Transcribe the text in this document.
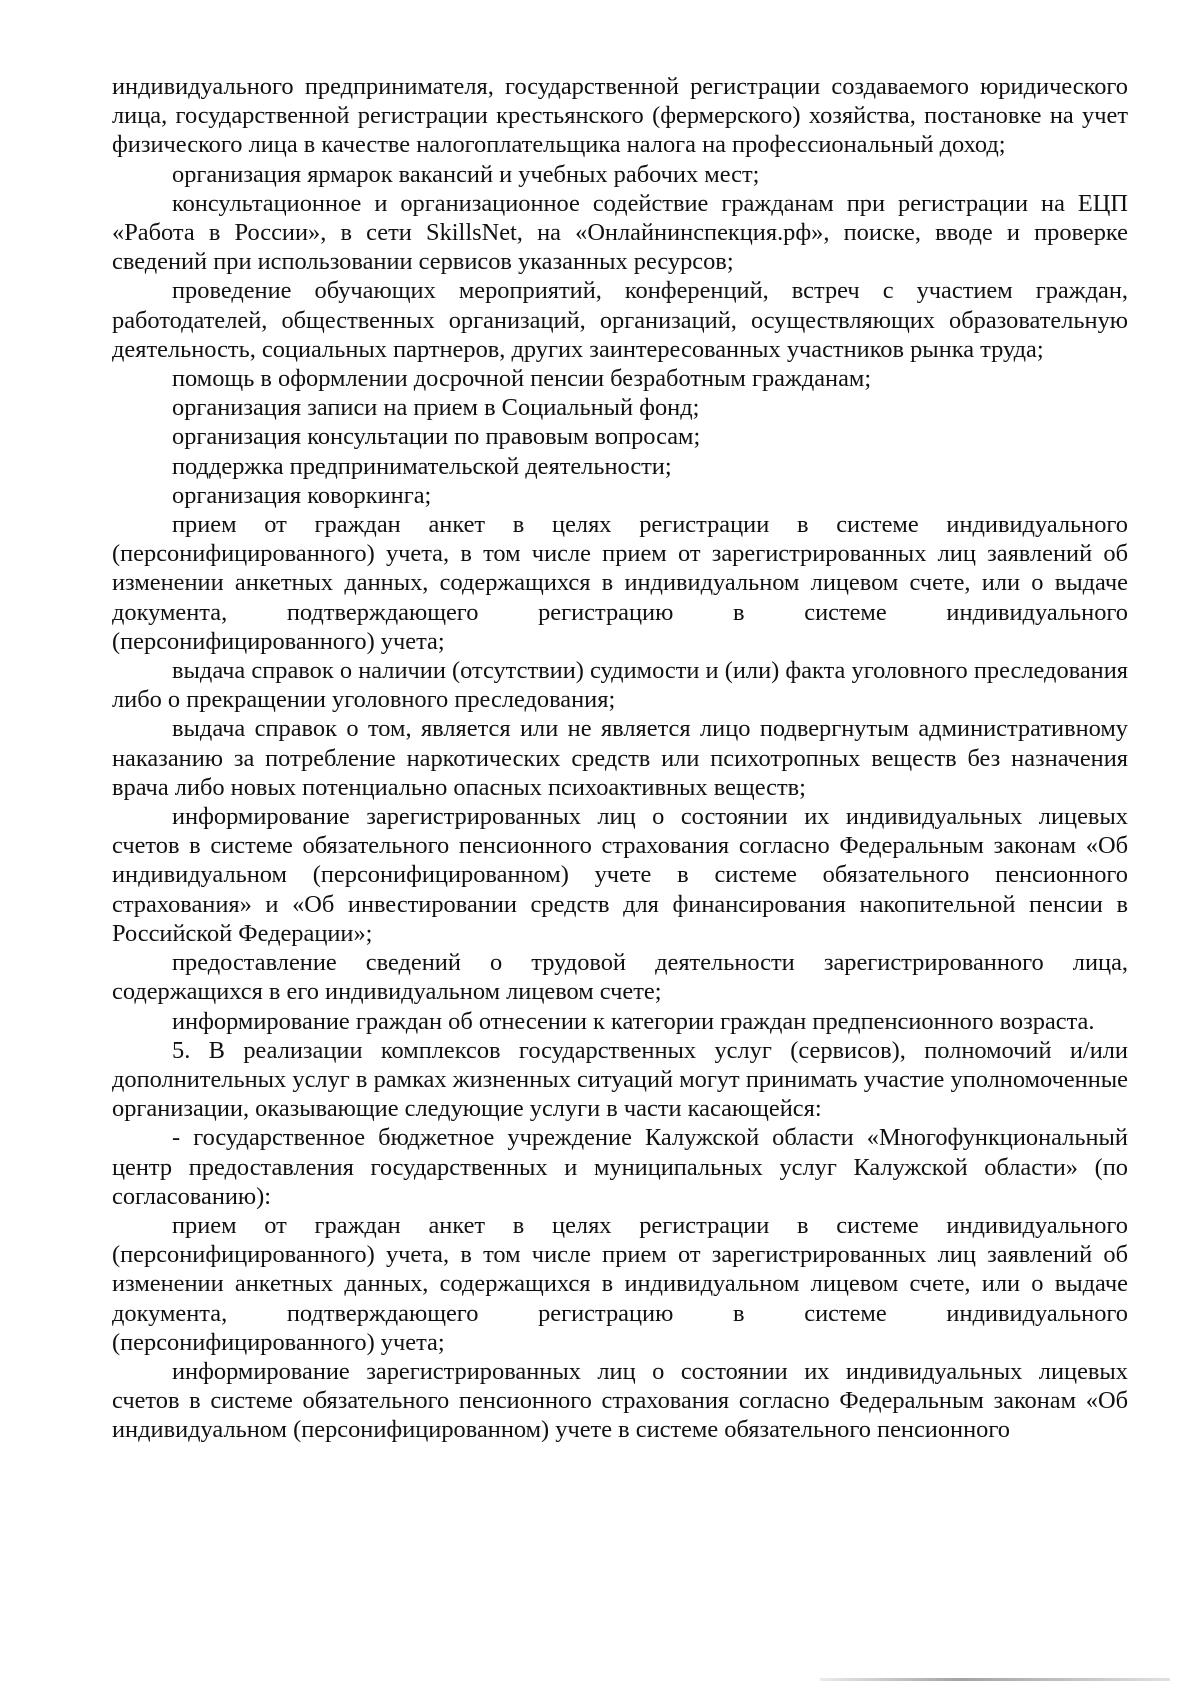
индивидуального предпринимателя, государственной регистрации создаваемого юридического лица, государственной регистрации крестьянского (фермерского) хозяйства, постановке на учет физического лица в качестве налогоплательщика налога на профессиональный доход;

организация ярмарок вакансий и учебных рабочих мест;

консультационное и организационное содействие гражданам при регистрации на ЕЦП «Работа в России», в сети SkillsNet, на «Онлайнинспекция.рф», поиске, вводе и проверке сведений при использовании сервисов указанных ресурсов;

проведение обучающих мероприятий, конференций, встреч с участием граждан, работодателей, общественных организаций, организаций, осуществляющих образовательную деятельность, социальных партнеров, других заинтересованных участников рынка труда;

помощь в оформлении досрочной пенсии безработным гражданам;

организация записи на прием в Социальный фонд;

организация консультации по правовым вопросам;

поддержка предпринимательской деятельности;

организация коворкинга;

прием от граждан анкет в целях регистрации в системе индивидуального (персонифицированного) учета, в том числе прием от зарегистрированных лиц заявлений об изменении анкетных данных, содержащихся в индивидуальном лицевом счете, или о выдаче документа, подтверждающего регистрацию в системе индивидуального (персонифицированного) учета;

выдача справок о наличии (отсутствии) судимости и (или) факта уголовного преследования либо о прекращении уголовного преследования;

выдача справок о том, является или не является лицо подвергнутым административному наказанию за потребление наркотических средств или психотропных веществ без назначения врача либо новых потенциально опасных психоактивных веществ;

информирование зарегистрированных лиц о состоянии их индивидуальных лицевых счетов в системе обязательного пенсионного страхования согласно Федеральным законам «Об индивидуальном (персонифицированном) учете в системе обязательного пенсионного страхования» и «Об инвестировании средств для финансирования накопительной пенсии в Российской Федерации»;

предоставление сведений о трудовой деятельности зарегистрированного лица, содержащихся в его индивидуальном лицевом счете;

информирование граждан об отнесении к категории граждан предпенсионного возраста.

5. В реализации комплексов государственных услуг (сервисов), полномочий и/или дополнительных услуг в рамках жизненных ситуаций могут принимать участие уполномоченные организации, оказывающие следующие услуги в части касающейся:

- государственное бюджетное учреждение Калужской области «Многофункциональный центр предоставления государственных и муниципальных услуг Калужской области» (по согласованию):

прием от граждан анкет в целях регистрации в системе индивидуального (персонифицированного) учета, в том числе прием от зарегистрированных лиц заявлений об изменении анкетных данных, содержащихся в индивидуальном лицевом счете, или о выдаче документа, подтверждающего регистрацию в системе индивидуального (персонифицированного) учета;

информирование зарегистрированных лиц о состоянии их индивидуальных лицевых счетов в системе обязательного пенсионного страхования согласно Федеральным законам «Об индивидуальном (персонифицированном) учете в системе обязательного пенсионного
